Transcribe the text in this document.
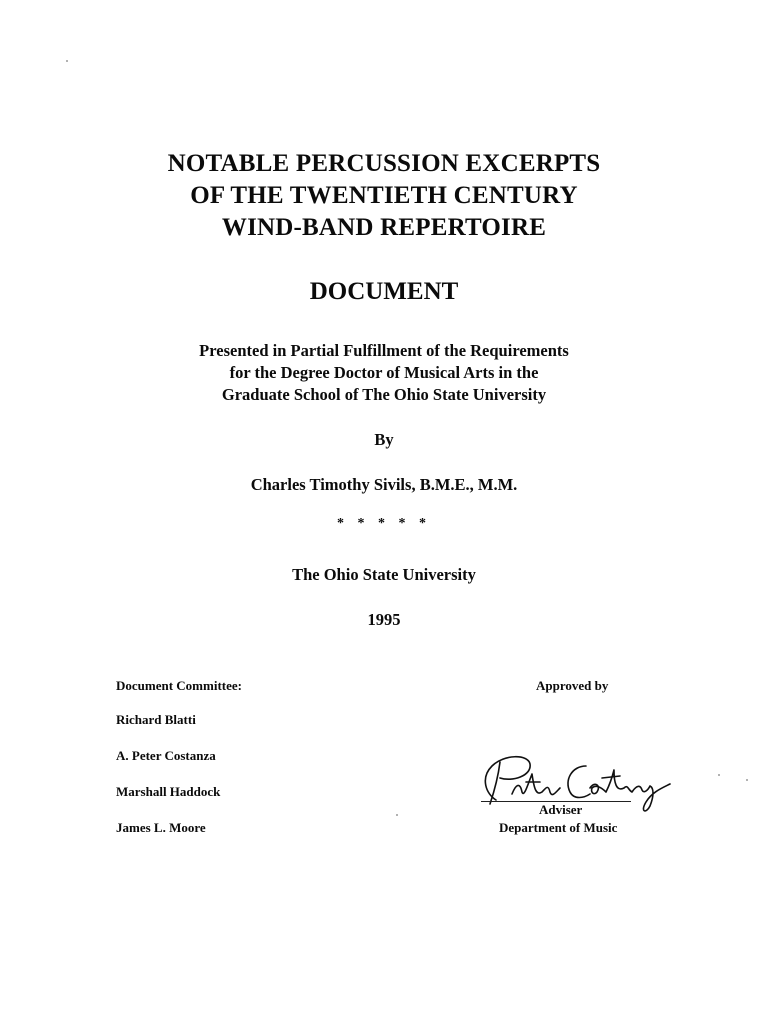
NOTABLE PERCUSSION EXCERPTS
OF THE TWENTIETH CENTURY
WIND-BAND REPERTOIRE
DOCUMENT
Presented in Partial Fulfillment of the Requirements
for the Degree Doctor of Musical Arts in the
Graduate School of The Ohio State University
By
Charles Timothy Sivils, B.M.E., M.M.
* * * * *
The Ohio State University
1995
Document Committee:
Richard Blatti
A. Peter Costanza
Marshall Haddock
James L. Moore
Approved by
Adviser
Department of Music
